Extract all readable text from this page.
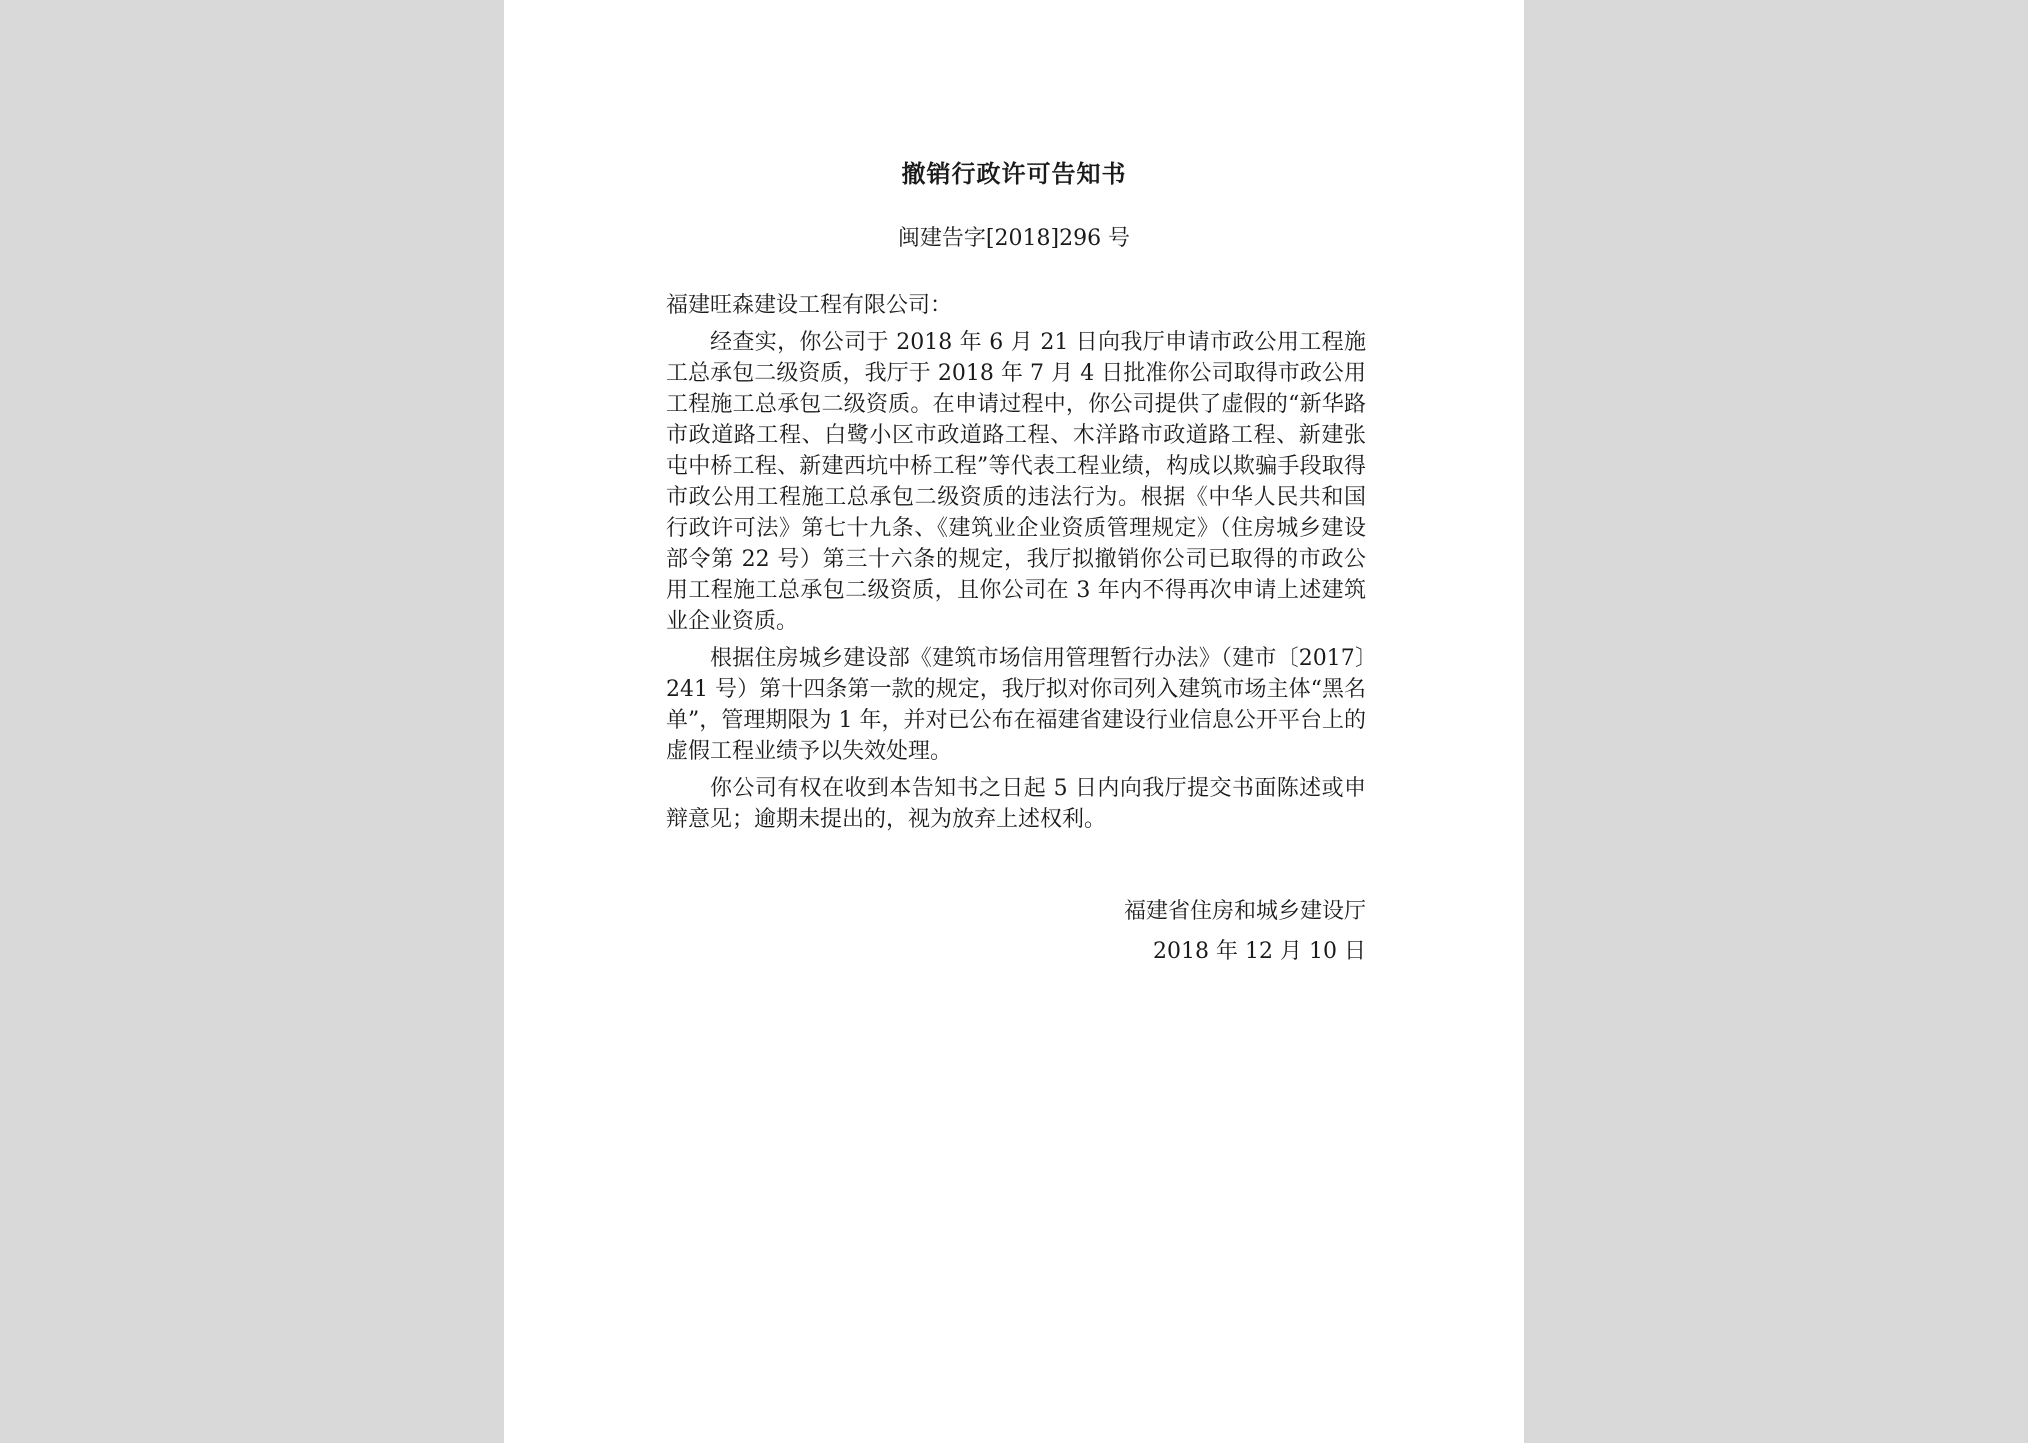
撤销行政许可告知书
闽建告字[2018]296 号

福建旺森建设工程有限公司：

经查实，你公司于 2018 年 6 月 21 日向我厅申请市政公用工程施工总承包二级资质，我厅于 2018 年 7 月 4 日批准你公司取得市政公用工程施工总承包二级资质。在申请过程中，你公司提供了虚假的“新华路市政道路工程、白鹭小区市政道路工程、木洋路市政道路工程、新建张屯中桥工程、新建西坑中桥工程”等代表工程业绩，构成以欺骗手段取得市政公用工程施工总承包二级资质的违法行为。根据《中华人民共和国行政许可法》第七十九条、《建筑业企业资质管理规定》（住房城乡建设部令第 22 号）第三十六条的规定，我厅拟撤销你公司已取得的市政公用工程施工总承包二级资质，且你公司在 3 年内不得再次申请上述建筑业企业资质。

根据住房城乡建设部《建筑市场信用管理暂行办法》（建市〔2017〕241 号）第十四条第一款的规定，我厅拟对你司列入建筑市场主体“黑名单”，管理期限为 1 年，并对已公布在福建省建设行业信息公开平台上的虚假工程业绩予以失效处理。

你公司有权在收到本告知书之日起 5 日内向我厅提交书面陈述或申辩意见；逾期未提出的，视为放弃上述权利。

福建省住房和城乡建设厅
2018 年 12 月 10 日
